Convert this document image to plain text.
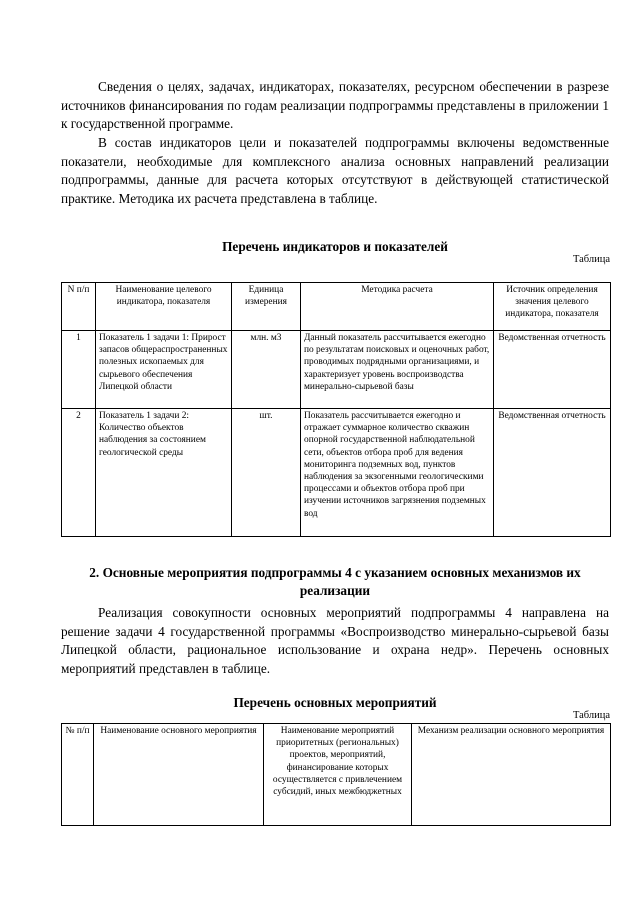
Сведения о целях, задачах, индикаторах, показателях, ресурсном обеспечении в разрезе источников финансирования по годам реализации подпрограммы представлены в приложении 1 к государственной программе.

В состав индикаторов цели и показателей подпрограммы включены ведомственные показатели, необходимые для комплексного анализа основных направлений реализации подпрограммы, данные для расчета которых отсутствуют в действующей статистической практике. Методика их расчета представлена в таблице.

Перечень индикаторов и показателей

Таблица
N п/п	Наименование целевого индикатора, показателя	Единица измерения	Методика расчета	Источник определения значения целевого индикатора, показателя
1	Показатель 1 задачи 1: Прирост запасов общераспространенных полезных ископаемых для сырьевого обеспечения Липецкой области	млн. м3	Данный показатель рассчитывается ежегодно по результатам поисковых и оценочных работ, проводимых подрядными организациями, и характеризует уровень воспроизводства минерально-сырьевой базы	Ведомственная отчетность
2	Показатель 1 задачи 2: Количество объектов наблюдения за состоянием геологической среды	шт.	Показатель рассчитывается ежегодно и отражает суммарное количество скважин опорной государственной наблюдательной сети, объектов отбора проб для ведения мониторинга подземных вод, пунктов наблюдения за экзогенными геологическими процессами и объектов отбора проб при изучении источников загрязнения подземных вод	Ведомственная отчетность

2. Основные мероприятия подпрограммы 4 с указанием основных механизмов их реализации

Реализация совокупности основных мероприятий подпрограммы 4 направлена на решение задачи 4 государственной программы «Воспроизводство минерально-сырьевой базы Липецкой области, рациональное использование и охрана недр». Перечень основных мероприятий представлен в таблице.

Перечень основных мероприятий

Таблица
№ п/п	Наименование основного мероприятия	Наименование мероприятий приоритетных (региональных) проектов, мероприятий, финансирование которых осуществляется с привлечением субсидий, иных межбюджетных	Механизм реализации основного мероприятия
